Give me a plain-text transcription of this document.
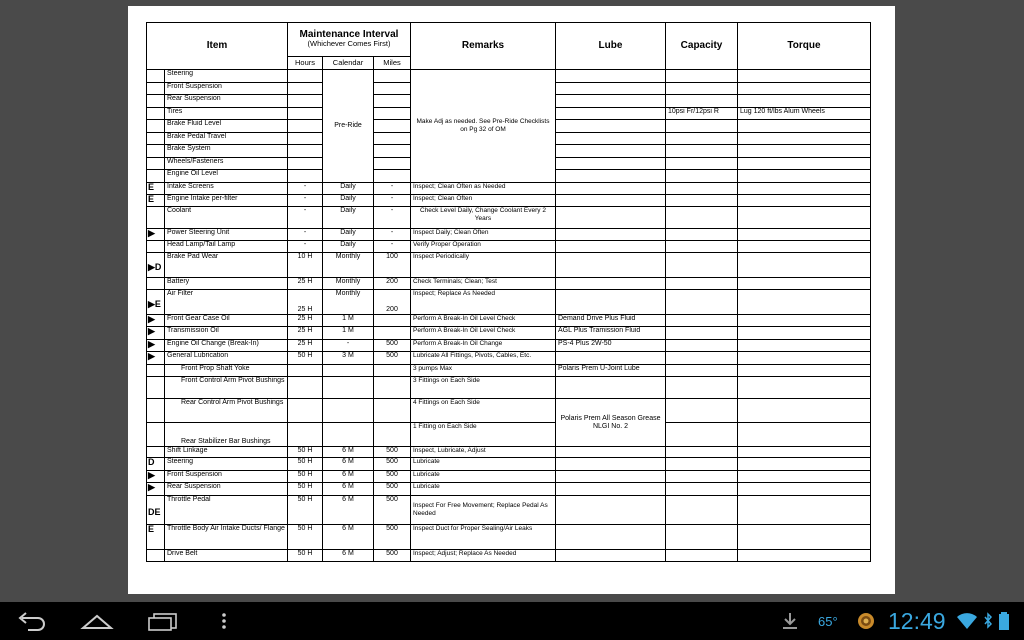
Item		Maintenance Interval
(Whichever Comes First)			Remarks	Lube	Capacity	Torque
		Hours	Calendar	Miles				
	Steering		Pre-Ride		Make Adj as needed. See Pre-Ride Checklists on Pg 32 of OM			
	Front Suspension							
	Rear Suspension							
	Tires						10psi Fr/12psi R	Lug 120 ft/lbs Alum Wheels
	Brake Fluid Level							
	Brake Pedal Travel							
	Brake System							
	Wheels/Fasteners							
	Engine Oil Level							
E	Intake Screens	-	Daily	-	Inspect; Clean Often as Needed			
E	Engine Intake per-filter	-	Daily	-	Inspect; Clean Often			
	Coolant	-	Daily	-	Check Level Daily, Change Coolant Every 2 Years			
▶	Power Steering Unit	-	Daily	-	Inspect Daily; Clean Often			
	Head Lamp/Tail Lamp	-	Daily	-	Verify Proper Operation			
▶D	Brake Pad Wear	10 H	Monthly	100	Inspect Periodically			
	Battery	25 H	Monthly	200	Check Terminals; Clean; Test			
▶E	Air Filter	25 H	Monthly	200	Inspect; Replace As Needed			
▶	Front Gear Case Oil	25 H	1 M		Perform A Break-In Oil Level Check	Demand Drive Plus Fluid		
▶	Transmission Oil	25 H	1 M		Perform A Break-In Oil Level Check	AGL Plus Tramission Fluid		
▶	Engine Oil Change (Break-In)	25 H	-	500	Perform A Break-In Oil Change	PS-4 Plus 2W-50		
▶	General Lubrication	50 H	3 M	500	Lubricate All Fittings, Pivots, Cables, Etc.			
	Front Prop Shaft Yoke				3 pumps Max	Polaris Prem U-Joint Lube		
	Front Control Arm Pivot Bushings				3 Fittings on Each Side			
	Rear Control Arm Pivot Bushings				4 Fittings on Each Side	Polaris Prem All Season Grease NLGI No. 2		
	Rear Stabilizer Bar Bushings				1 Fitting on Each Side			
	Shift Linkage	50 H	6 M	500	Inspect, Lubricate, Adjust			
D	Steering	50 H	6 M	500	Lubricate			
▶	Front Suspension	50 H	6 M	500	Lubricate			
▶	Rear Suspension	50 H	6 M	500	Lubricate			
DE	Throttle Pedal	50 H	6 M	500	Inspect For Free Movement; Replace Pedal As Needed			
E	Throttle Body Air Intake Ducts/ Flange	50 H	6 M	500	Inspect Duct for Proper Sealing/Air Leaks			
	Drive Belt	50 H	6 M	500	Inspect; Adjust; Replace As Needed			
65° 12:49
